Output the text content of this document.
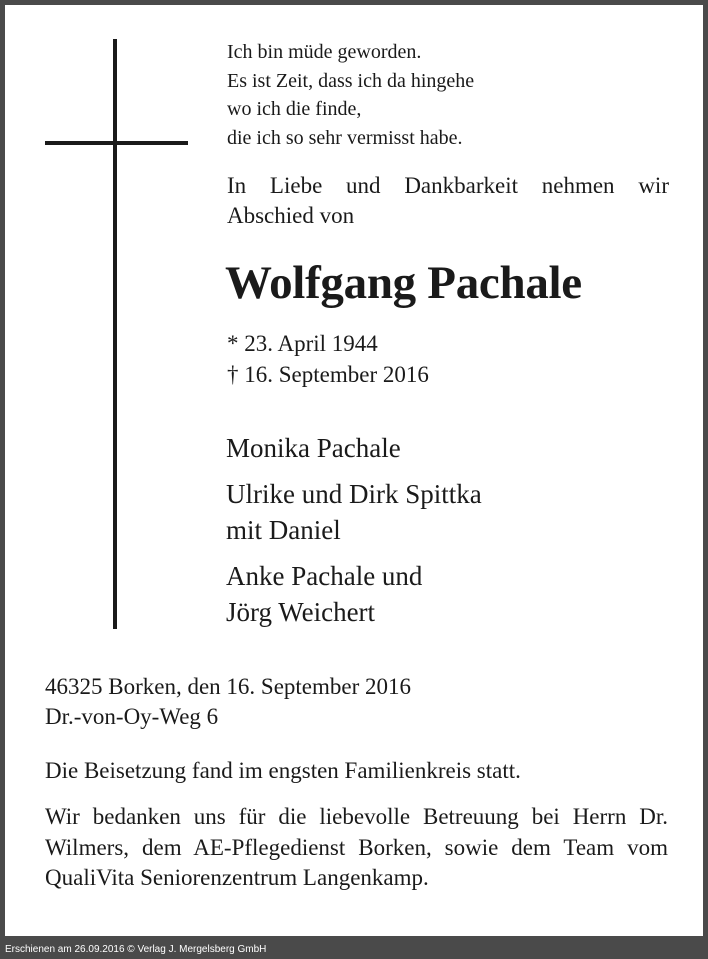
Ich bin müde geworden.
Es ist Zeit, dass ich da hingehe
wo ich die finde,
die ich so sehr vermisst habe.

In Liebe und Dankbarkeit nehmen wir Abschied von

Wolfgang Pachale
* 23. April 1944
† 16. September 2016
Monika Pachale
Ulrike und Dirk Spittka
mit Daniel
Anke Pachale und
Jörg Weichert
46325 Borken, den 16. September 2016
Dr.-von-Oy-Weg 6

Die Beisetzung fand im engsten Familienkreis statt.

Wir bedanken uns für die liebevolle Betreuung bei Herrn Dr. Wilmers, dem AE-Pflegedienst Borken, sowie dem Team vom QualiVita Seniorenzentrum Langenkamp.

Erschienen am 26.09.2016 © Verlag J. Mergelsberg GmbH
